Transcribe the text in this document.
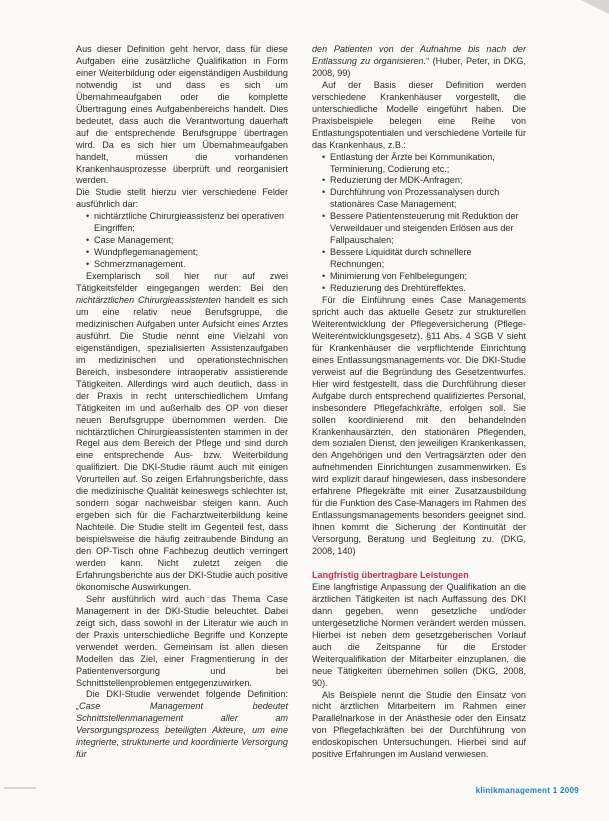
Aus dieser Definition geht hervor, dass für diese Aufgaben eine zusätzliche Qualifikation in Form einer Weiterbildung oder eigenständigen Ausbildung notwendig ist und dass es sich um Übernahmeaufgaben oder die komplette Übertragung eines Aufgabenbereichs handelt. Dies bedeutet, dass auch die Verantwortung dauerhaft auf die entsprechende Berufsgruppe übertragen wird. Da es sich hier um Übernahmeaufgaben handelt, müssen die vorhandenen Krankenhausprozesse überprüft und reorganisiert werden.

Die Studie stellt hierzu vier verschiedene Felder ausführlich dar:

• nichtärztliche Chirurgieassistenz bei operativen Eingriffen;
• Case Management;
• Wundpflegemanagement;
• Schmerzmanagement.

Exemplarisch soll hier nur auf zwei Tätigkeitsfelder eingegangen werden: Bei den nichtärztlichen Chirurgieassistenten handelt es sich um eine relativ neue Berufsgruppe, die medizinischen Aufgaben unter Aufsicht eines Arztes ausführt. Die Studie nennt eine Vielzahl von eigenständigen, spezialisierten Assistenzaufgaben im medizinischen und operationstechnischen Bereich, insbesondere intraoperativ assistierende Tätigkeiten. Allerdings wird auch deutlich, dass in der Praxis in recht unterschiedlichem Umfang Tätigkeiten im und außerhalb des OP von dieser neuen Berufsgruppe übernommen werden. Die nichtärztlichen Chirurgieassistenten stammen in der Regel aus dem Bereich der Pflege und sind durch eine entsprechende Aus- bzw. Weiterbildung qualifiziert. Die DKI-Studie räumt auch mit einigen Vorurteilen auf. So zeigen Erfahrungsberichte, dass die medizinische Qualität keineswegs schlechter ist, sondern sogar nachweisbar steigen kann. Auch ergeben sich für die Facharztweiterbildung keine Nachteile. Die Studie stellt im Gegenteil fest, dass beispielsweise die häufig zeitraubende Bindung an den OP-Tisch ohne Fachbezug deutlich verringert werden kann. Nicht zuletzt zeigen die Erfahrungsberichte aus der DKI-Studie auch positive ökonomische Auswirkungen.

Sehr ausführlich wird auch das Thema Case Management in der DKI-Studie beleuchtet. Dabei zeigt sich, dass sowohl in der Literatur wie auch in der Praxis unterschiedliche Begriffe und Konzepte verwendet werden. Gemeinsam ist allen diesen Modellen das Ziel, einer Fragmentierung in der Patientenversorgung und bei Schnittstellenproblemen entgegenzuwirken.

Die DKI-Studie verwendet folgende Definition: „Case Management bedeutet Schnittstellenmanagement aller am Versorgungsprozess beteiligten Akteure, um eine integrierte, strukturierte und koordinierte Versorgung für

den Patienten von der Aufnahme bis nach der Entlassung zu organisieren.“ (Huber, Peter, in DKG, 2008, 99)

Auf der Basis dieser Definition werden verschiedene Krankenhäuser vorgestellt, die unterschiedliche Modelle eingeführt haben. Die Praxisbeispiele belegen eine Reihe von Entlastungspotentialen und verschiedene Vorteile für das Krankenhaus, z.B.:

• Entlastung der Ärzte bei Kommunikation, Terminierung, Codierung etc.;
• Reduzierung der MDK-Anfragen;
• Durchführung von Prozessanalysen durch stationäres Case Management;
• Bessere Patientensteuerung mit Reduktion der Verweildauer und steigenden Erlösen aus der Fallpauschalen;
• Bessere Liquidität durch schnellere Rechnungen;
• Minimierung von Fehlbelegungen;
• Reduzierung des Drehtüreffektes.

Für die Einführung eines Case Managements spricht auch das aktuelle Gesetz zur strukturellen Weiterentwicklung der Pflegeversicherung (Pflege-Weiterentwicklungsgesetz). §11 Abs. 4 SGB V sieht für Krankenhäuser die verpflichtende Einrichtung eines Entlassungsmanagements vor. Die DKI-Studie verweist auf die Begründung des Gesetzentwurfes. Hier wird festgestellt, dass die Durchführung dieser Aufgabe durch entsprechend qualifiziertes Personal, insbesondere Pflegefachkräfte, erfolgen soll. Sie sollen koordinierend mit den behandelnden Krankenhausärzten, den stationären Pflegenden, dem sozialen Dienst, den jeweiligen Krankenkassen, den Angehörigen und den Vertragsärzten oder den aufnehmenden Einrichtungen zusammenwirken. Es wird explizit darauf hingewiesen, dass insbesondere erfahrene Pflegekräfte mit einer Zusatzausbildung für die Funktion des Case-Managers im Rahmen des Entlassungsmanagements besonders geeignet sind. Ihnen kommt die Sicherung der Kontinuität der Versorgung, Beratung und Begleitung zu. (DKG, 2008, 140)

Langfristig übertragbare Leistungen

Eine langfristige Anpassung der Qualifikation an die ärztlichen Tätigkeiten ist nach Auffassung des DKI dann gegeben, wenn gesetzliche und/oder untergesetzliche Normen verändert werden müssen. Hierbei ist neben dem gesetzgeberischen Vorlauf auch die Zeitspanne für die Erstoder Weiterqualifikation der Mitarbeiter einzuplanen, die neue Tätigkeiten übernehmen sollen (DKG, 2008, 90).

Als Beispiele nennt die Studie den Einsatz von nicht ärztlichen Mitarbeitern im Rahmen einer Parallelnarkose in der Anästhesie oder den Einsatz von Pflegefachkräften bei der Durchführung von endoskopischen Untersuchungen. Hierbei sind auf positive Erfahrungen im Ausland verwiesen.

klinikmanagement 1 2009
